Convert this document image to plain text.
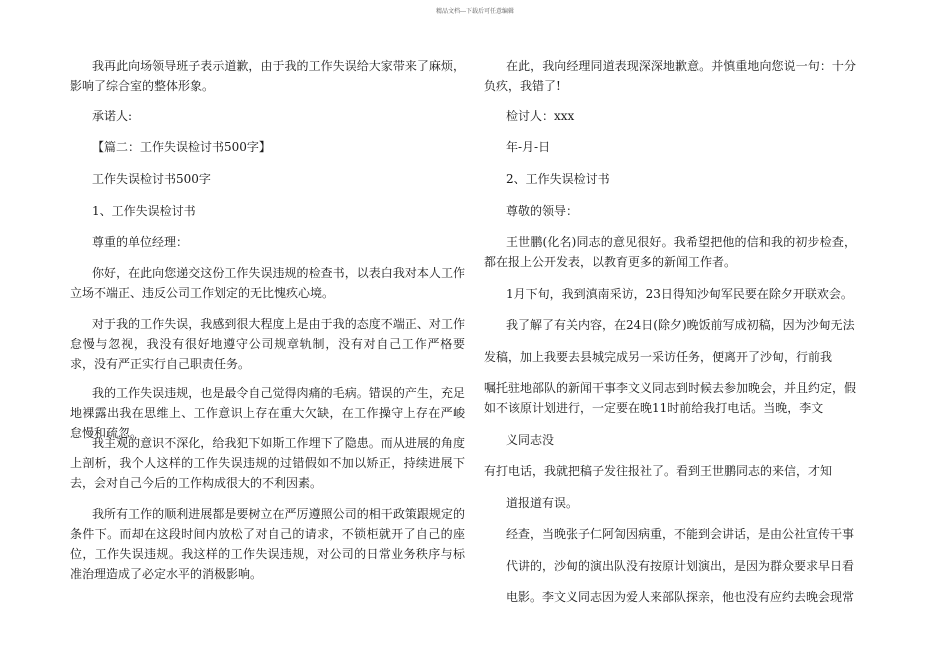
精品文档---下载后可任意编辑
我再此向场领导班子表示道歉，由于我的工作失误给大家带来了麻烦，影响了综合室的整体形象。
承诺人:
【篇二：工作失误检讨书500字】
工作失误检讨书500字
1、工作失误检讨书
尊重的单位经理：
你好，在此向您递交这份工作失误违规的检查书，以表白我对本人工作立场不端正、违反公司工作划定的无比愧疚心境。
对于我的工作失误，我感到很大程度上是由于我的态度不端正、对工作怠慢与忽视，我没有很好地遵守公司规章轨制，没有对自己工作严格要求，没有严正实行自己职责任务。
我的工作失误违规，也是最令自己觉得肉痛的毛病。错误的产生，充足地裸露出我在思维上、工作意识上存在重大欠缺，在工作操守上存在严峻怠慢和疏忽。
我主观的意识不深化，给我犯下如斯工作埋下了隐患。而从进展的角度上剖析，我个人这样的工作失误违规的过错假如不加以矫正，持续进展下去，会对自己今后的工作构成很大的不利因素。
我所有工作的顺利进展都是要树立在严厉遵照公司的相干政策跟规定的条件下。而却在这段时间内放松了对自己的请求，不锁柜就开了自己的座位，工作失误违规。我这样的工作失误违规，对公司的日常业务秩序与标准治理造成了必定水平的消极影响。
在此，我向经理同道表现深深地歉意。并慎重地向您说一句：十分负疚，我错了!
检讨人：xxx
年-月-日
2、工作失误检讨书
尊敬的领导：
王世鹏(化名)同志的意见很好。我希望把他的信和我的初步检查，都在报上公开发表，以教育更多的新闻工作者。
1月下旬，我到滇南采访，23日得知沙甸军民要在除夕开联欢会。
我了解了有关内容，在24日(除夕)晚饭前写成初稿，因为沙甸无法
发稿，加上我要去县城完成另一采访任务，便离开了沙甸，行前我
嘱托驻地部队的新闻干事李文义同志到时候去参加晚会，并且约定，假如不该原计划进行，一定要在晚11时前给我打电话。当晚，李文
义同志没
有打电话，我就把稿子发往报社了。看到王世鹏同志的来信，才知
道报道有误。
经查，当晚张子仁阿訇因病重，不能到会讲话，是由公社宣传干事
代讲的，沙甸的演出队没有按原计划演出，是因为群众要求早日看
电影。李文义同志因为爱人来部队探亲，他也没有应约去晚会现常
